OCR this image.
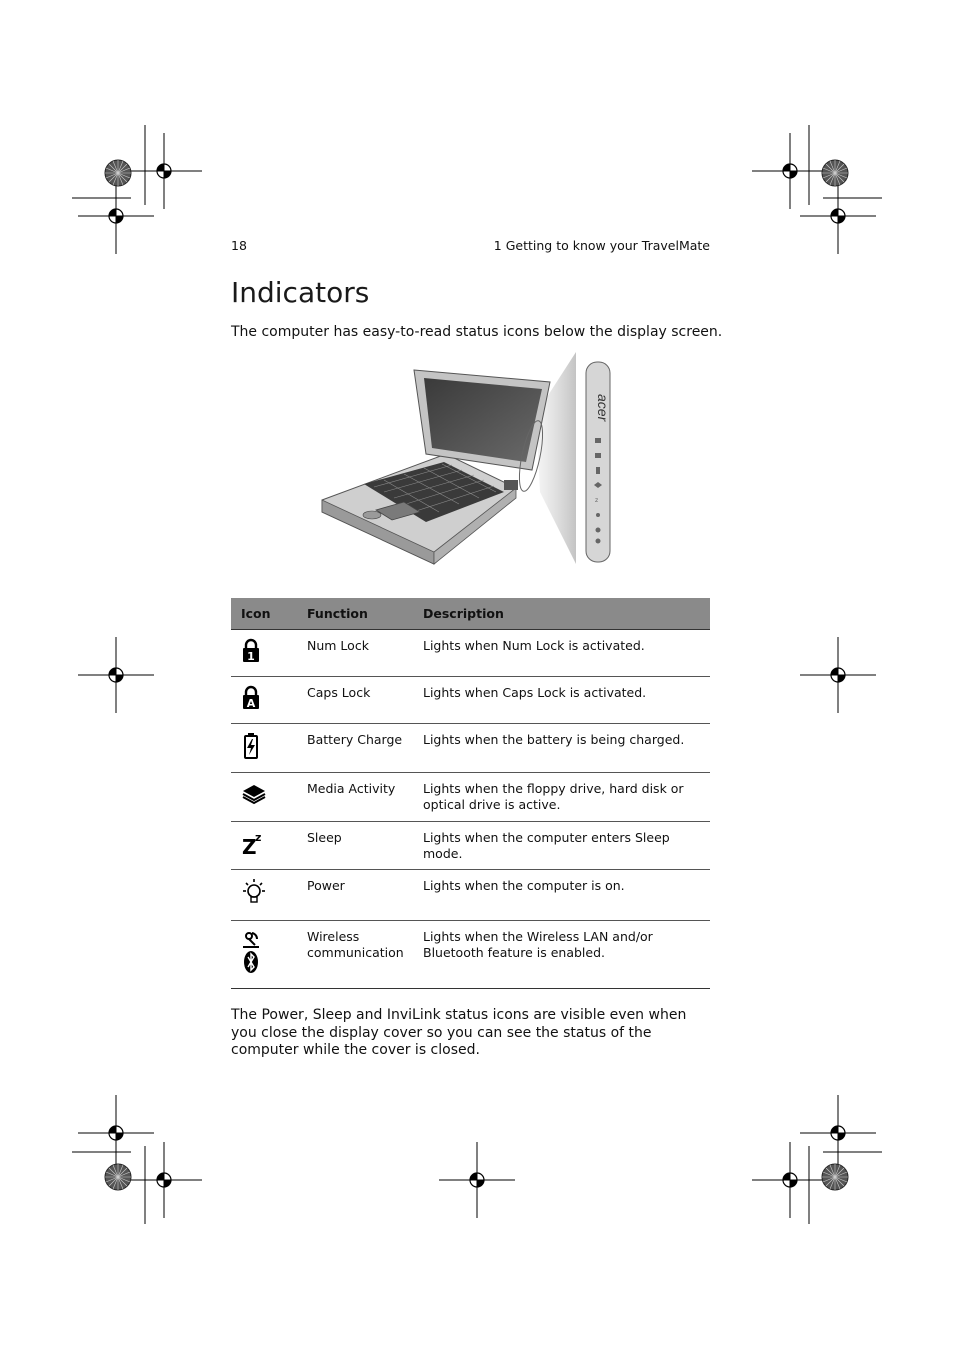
18	1 Getting to know your TravelMate
Indicators
The computer has easy-to-read status icons below the display screen.
acer
z
Icon	Function	Description

1	Num Lock	Lights when Num Lock is activated.

A	Caps Lock	Lights when Caps Lock is activated.

	Battery Charge	Lights when the battery is being charged.

	Media Activity	Lights when the floppy drive, hard disk or optical drive is active.

Z
z	Sleep	Lights when the computer enters Sleep mode.

	Power	Lights when the computer is on.

	Wireless communication	Lights when the Wireless LAN and/or Bluetooth feature is enabled.
The Power, Sleep and InviLink status icons are visible even when you close the display cover so you can see the status of the computer while the cover is closed.
